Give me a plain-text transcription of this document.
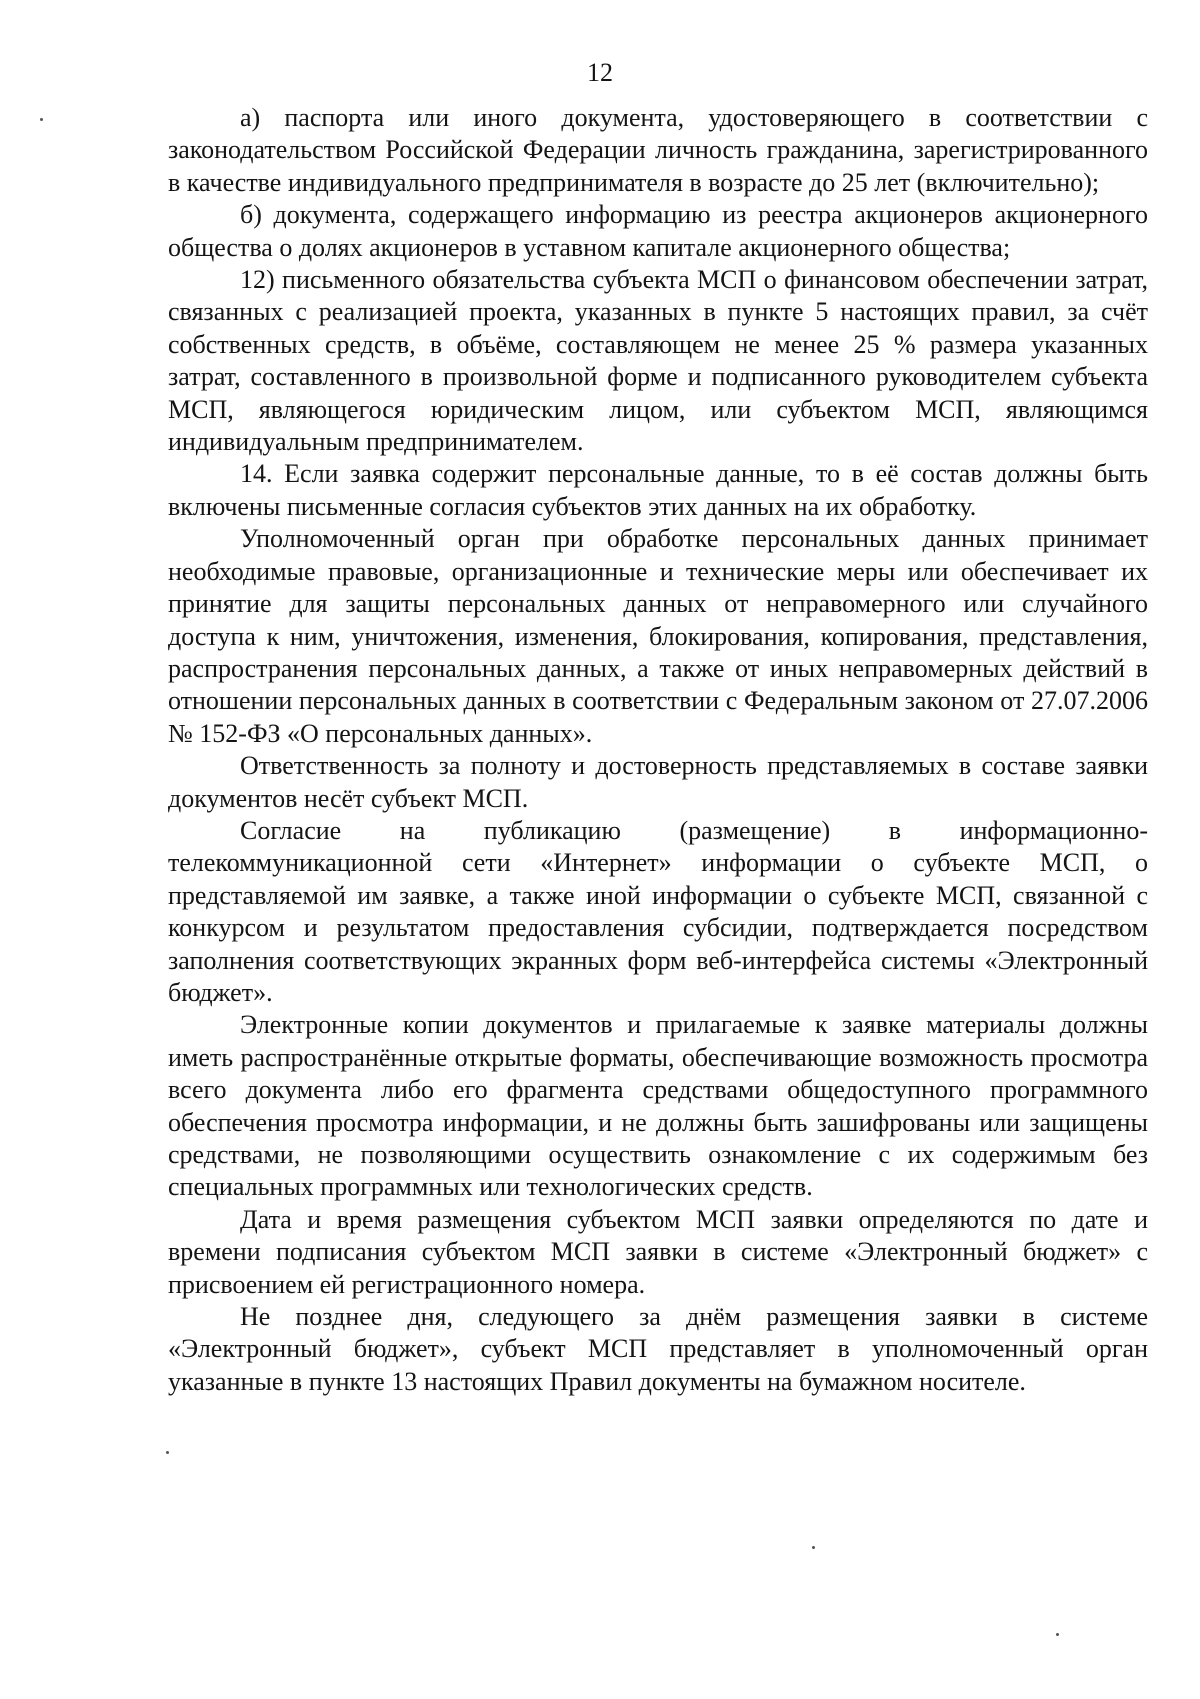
12

а) паспорта или иного документа, удостоверяющего в соответствии с законодательством Российской Федерации личность гражданина, зарегистрированного в качестве индивидуального предпринимателя в возрасте до 25 лет (включительно);

б) документа, содержащего информацию из реестра акционеров акционерного общества о долях акционеров в уставном капитале акционерного общества;

12) письменного обязательства субъекта МСП о финансовом обеспечении затрат, связанных с реализацией проекта, указанных в пункте 5 настоящих правил, за счёт собственных средств, в объёме, составляющем не менее 25 % размера указанных затрат, составленного в произвольной форме и подписанного руководителем субъекта МСП, являющегося юридическим лицом, или субъектом МСП, являющимся индивидуальным предпринимателем.

14. Если заявка содержит персональные данные, то в её состав должны быть включены письменные согласия субъектов этих данных на их обработку.

Уполномоченный орган при обработке персональных данных принимает необходимые правовые, организационные и технические меры или обеспечивает их принятие для защиты персональных данных от неправомерного или случайного доступа к ним, уничтожения, изменения, блокирования, копирования, представления, распространения персональных данных, а также от иных неправомерных действий в отношении персональных данных в соответствии с Федеральным законом от 27.07.2006 № 152-ФЗ «О персональных данных».

Ответственность за полноту и достоверность представляемых в составе заявки документов несёт субъект МСП.

Согласие на публикацию (размещение) в информационно-телекоммуникационной сети «Интернет» информации о субъекте МСП, о представляемой им заявке, а также иной информации о субъекте МСП, связанной с конкурсом и результатом предоставления субсидии, подтверждается посредством заполнения соответствующих экранных форм веб-интерфейса системы «Электронный бюджет».

Электронные копии документов и прилагаемые к заявке материалы должны иметь распространённые открытые форматы, обеспечивающие возможность просмотра всего документа либо его фрагмента средствами общедоступного программного обеспечения просмотра информации, и не должны быть зашифрованы или защищены средствами, не позволяющими осуществить ознакомление с их содержимым без специальных программных или технологических средств.

Дата и время размещения субъектом МСП заявки определяются по дате и времени подписания субъектом МСП заявки в системе «Электронный бюджет» с присвоением ей регистрационного номера.

Не позднее дня, следующего за днём размещения заявки в системе «Электронный бюджет», субъект МСП представляет в уполномоченный орган указанные в пункте 13 настоящих Правил документы на бумажном носителе.
